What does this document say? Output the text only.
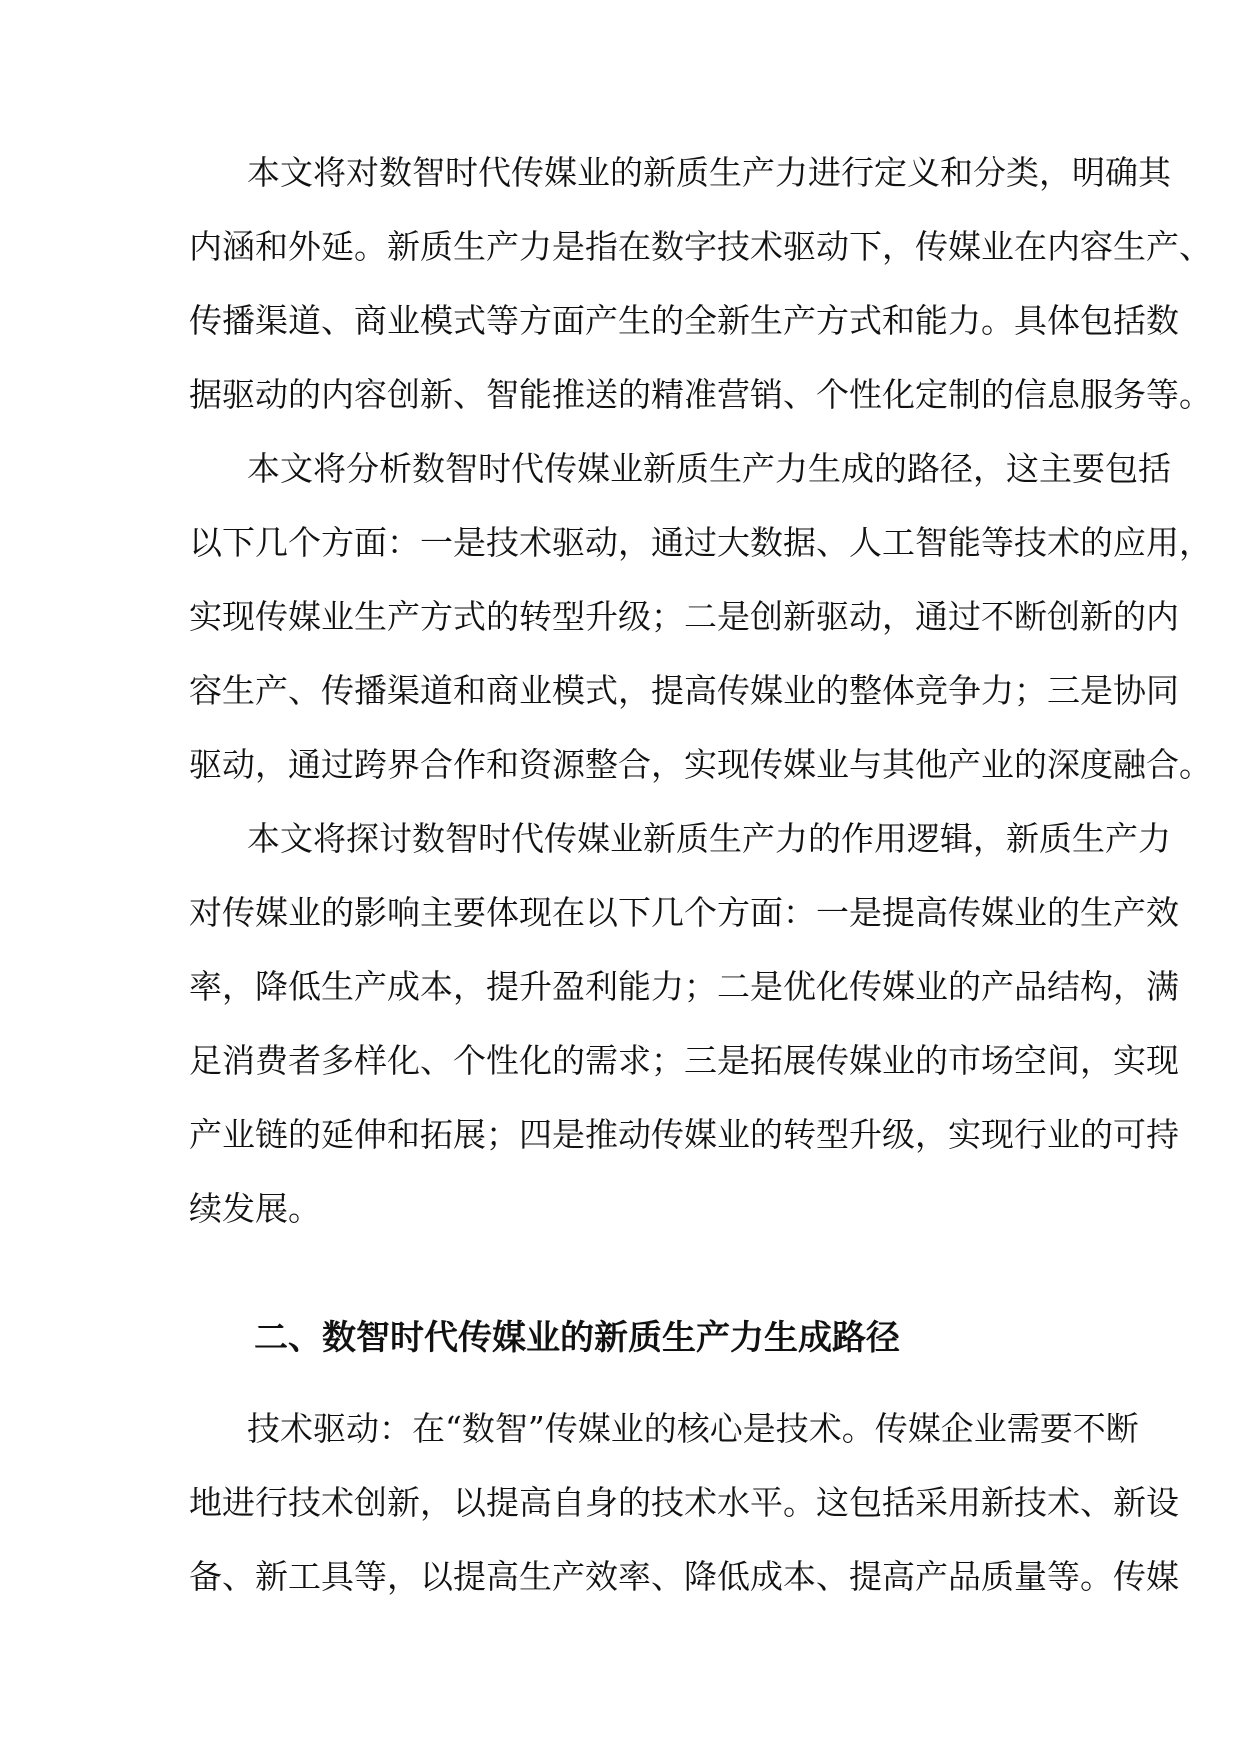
本文将对数智时代传媒业的新质生产力进行定义和分类，明确其
内涵和外延。新质生产力是指在数字技术驱动下，传媒业在内容生产、
传播渠道、商业模式等方面产生的全新生产方式和能力。具体包括数
据驱动的内容创新、智能推送的精准营销、个性化定制的信息服务等。
本文将分析数智时代传媒业新质生产力生成的路径，这主要包括
以下几个方面：一是技术驱动，通过大数据、人工智能等技术的应用，
实现传媒业生产方式的转型升级；二是创新驱动，通过不断创新的内
容生产、传播渠道和商业模式，提高传媒业的整体竞争力；三是协同
驱动，通过跨界合作和资源整合，实现传媒业与其他产业的深度融合。
本文将探讨数智时代传媒业新质生产力的作用逻辑，新质生产力
对传媒业的影响主要体现在以下几个方面：一是提高传媒业的生产效
率，降低生产成本，提升盈利能力；二是优化传媒业的产品结构，满
足消费者多样化、个性化的需求；三是拓展传媒业的市场空间，实现
产业链的延伸和拓展；四是推动传媒业的转型升级，实现行业的可持
续发展。
二、数智时代传媒业的新质生产力生成路径
技术驱动：在“数智”传媒业的核心是技术。传媒企业需要不断
地进行技术创新，以提高自身的技术水平。这包括采用新技术、新设
备、新工具等，以提高生产效率、降低成本、提高产品质量等。传媒
